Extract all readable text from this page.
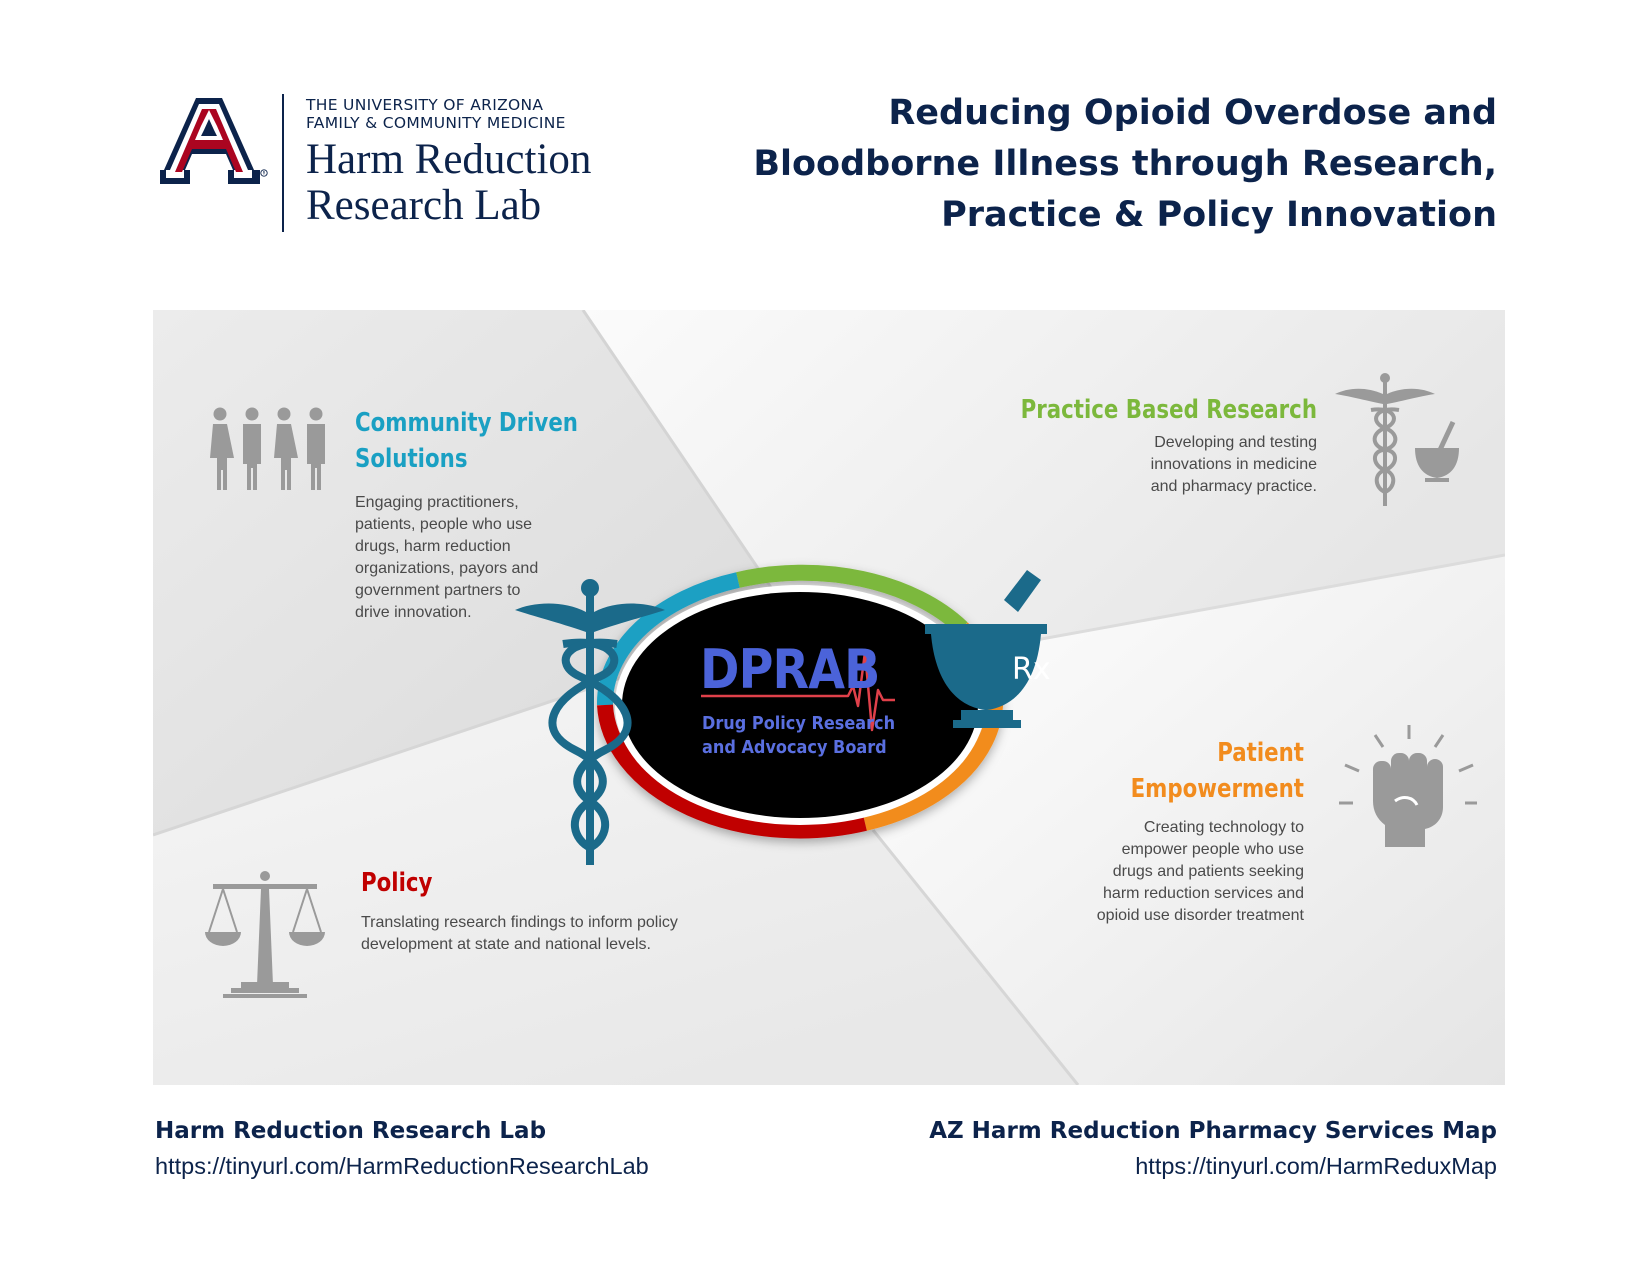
R
THE UNIVERSITY OF ARIZONA
FAMILY & COMMUNITY MEDICINE
Harm Reduction
Research Lab
Reducing Opioid Overdose and
Bloodborne Illness through Research,
Practice & Policy Innovation
Community Driven
Solutions
Engaging practitioners,
patients, people who use
drugs, harm reduction
organizations, payors and
government partners to
drive innovation.
Practice Based Research
Developing and testing
innovations in medicine
and pharmacy practice.
Policy
Translating research findings to inform policy
development at state and national levels.
Patient
Empowerment
Creating technology to
empower people who use
drugs and patients seeking
harm reduction services and
opioid use disorder treatment
DPRAB
Drug Policy Research
and Advocacy Board
Rx
Harm Reduction Research Lab
https://tinyurl.com/HarmReductionResearchLab
AZ Harm Reduction Pharmacy Services Map
https://tinyurl.com/HarmReduxMap
